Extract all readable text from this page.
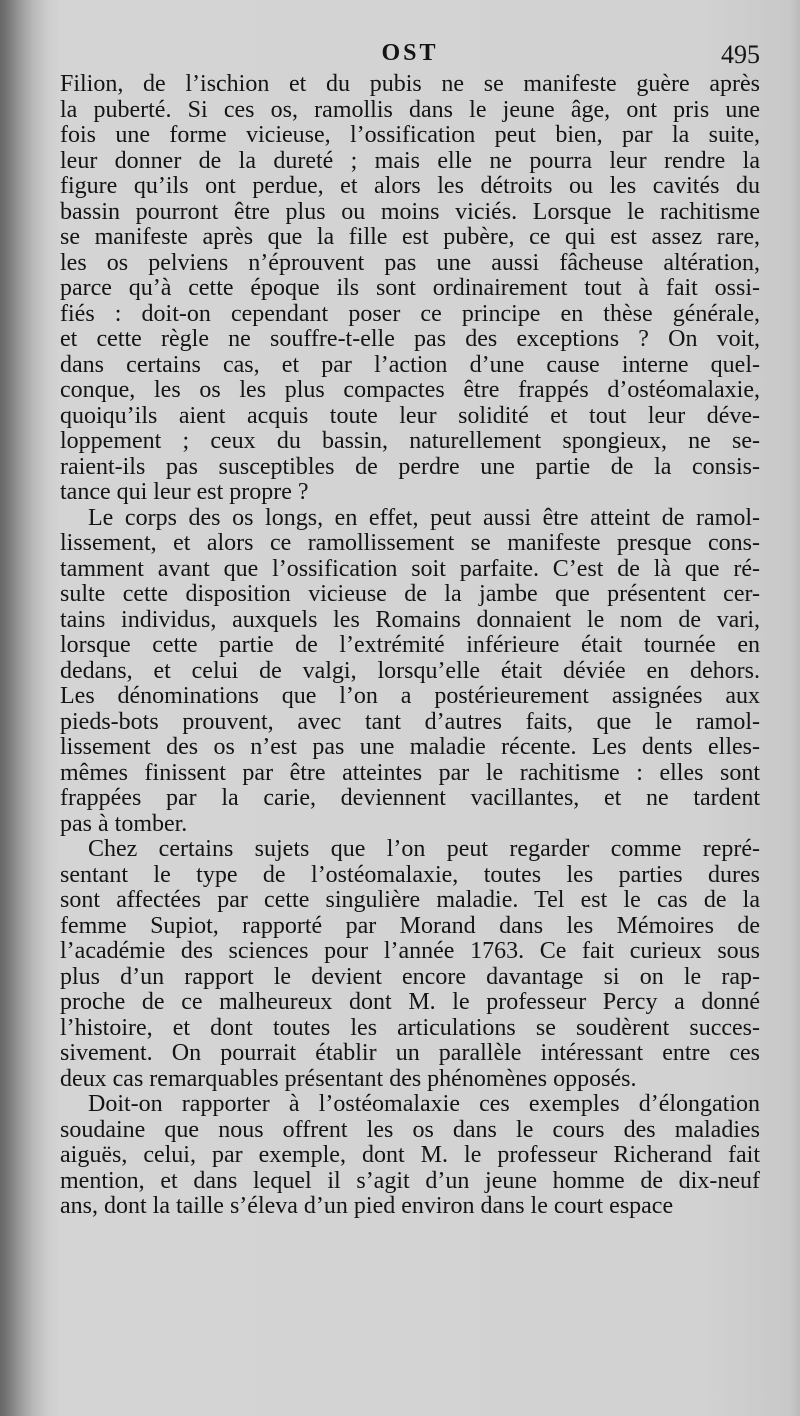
OST	495
Filion, de l’ischion et du pubis ne se manifeste guère après
la puberté. Si ces os, ramollis dans le jeune âge, ont pris une
fois une forme vicieuse, l’ossification peut bien, par la suite,
leur donner de la dureté ; mais elle ne pourra leur rendre la
figure qu’ils ont perdue, et alors les détroits ou les cavités du
bassin pourront être plus ou moins viciés. Lorsque le rachitisme
se manifeste après que la fille est pubère, ce qui est assez rare,
les os pelviens n’éprouvent pas une aussi fâcheuse altération,
parce qu’à cette époque ils sont ordinairement tout à fait ossi-
fiés : doit-on cependant poser ce principe en thèse générale,
et cette règle ne souffre-t-elle pas des exceptions ? On voit,
dans certains cas, et par l’action d’une cause interne quel-
conque, les os les plus compactes être frappés d’ostéomalaxie,
quoiqu’ils aient acquis toute leur solidité et tout leur déve-
loppement ; ceux du bassin, naturellement spongieux, ne se-
raient-ils pas susceptibles de perdre une partie de la consis-
tance qui leur est propre ?
Le corps des os longs, en effet, peut aussi être atteint de ramol-
lissement, et alors ce ramollissement se manifeste presque cons-
tamment avant que l’ossification soit parfaite. C’est de là que ré-
sulte cette disposition vicieuse de la jambe que présentent cer-
tains individus, auxquels les Romains donnaient le nom de vari,
lorsque cette partie de l’extrémité inférieure était tournée en
dedans, et celui de valgi, lorsqu’elle était déviée en dehors.
Les dénominations que l’on a postérieurement assignées aux
pieds-bots prouvent, avec tant d’autres faits, que le ramol-
lissement des os n’est pas une maladie récente. Les dents elles-
mêmes finissent par être atteintes par le rachitisme : elles sont
frappées par la carie, deviennent vacillantes, et ne tardent
pas à tomber.
Chez certains sujets que l’on peut regarder comme repré-
sentant le type de l’ostéomalaxie, toutes les parties dures
sont affectées par cette singulière maladie. Tel est le cas de la
femme Supiot, rapporté par Morand dans les Mémoires de
l’académie des sciences pour l’année 1763. Ce fait curieux sous
plus d’un rapport le devient encore davantage si on le rap-
proche de ce malheureux dont M. le professeur Percy a donné
l’histoire, et dont toutes les articulations se soudèrent succes-
sivement. On pourrait établir un parallèle intéressant entre ces
deux cas remarquables présentant des phénomènes opposés.
Doit-on rapporter à l’ostéomalaxie ces exemples d’élongation
soudaine que nous offrent les os dans le cours des maladies
aiguës, celui, par exemple, dont M. le professeur Richerand fait
mention, et dans lequel il s’agit d’un jeune homme de dix-neuf
ans, dont la taille s’éleva d’un pied environ dans le court espace
